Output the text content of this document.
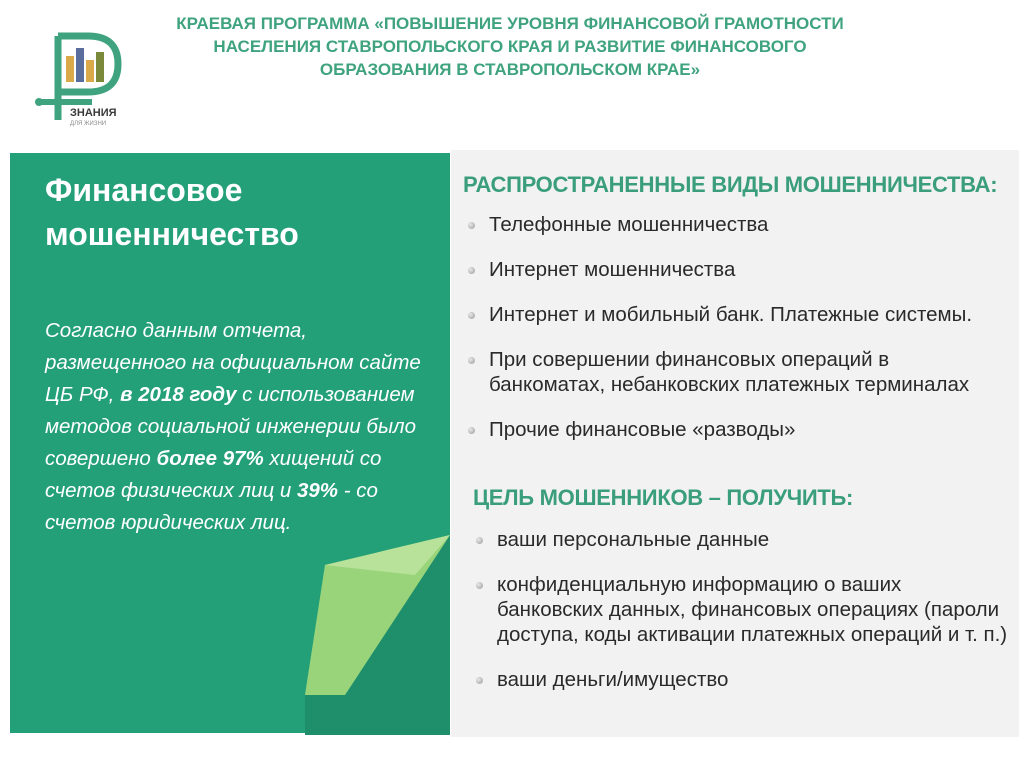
ЗНАНИЯ
ДЛЯ ЖИЗНИ
КРАЕВАЯ ПРОГРАММА «ПОВЫШЕНИЕ УРОВНЯ ФИНАНСОВОЙ ГРАМОТНОСТИ НАСЕЛЕНИЯ СТАВРОПОЛЬСКОГО КРАЯ И РАЗВИТИЕ ФИНАНСОВОГО ОБРАЗОВАНИЯ В СТАВРОПОЛЬСКОМ КРАЕ»
Финансовое мошенничество
Согласно данным отчета, размещенного на официальном сайте ЦБ РФ, в 2018 году с использованием методов социальной инженерии было совершено более 97% хищений со счетов физических лиц и 39% - со счетов юридических лиц.
РАСПРОСТРАНЕННЫЕ ВИДЫ МОШЕННИЧЕСТВА:
Телефонные мошенничества
Интернет мошенничества
Интернет и мобильный банк. Платежные системы.
При совершении финансовых операций в банкоматах, небанковских платежных терминалах
Прочие финансовые «разводы»
ЦЕЛЬ МОШЕННИКОВ – ПОЛУЧИТЬ:
ваши персональные данные
конфиденциальную информацию о ваших банковских данных, финансовых операциях (пароли доступа, коды активации платежных операций и т. п.)
ваши деньги/имущество
